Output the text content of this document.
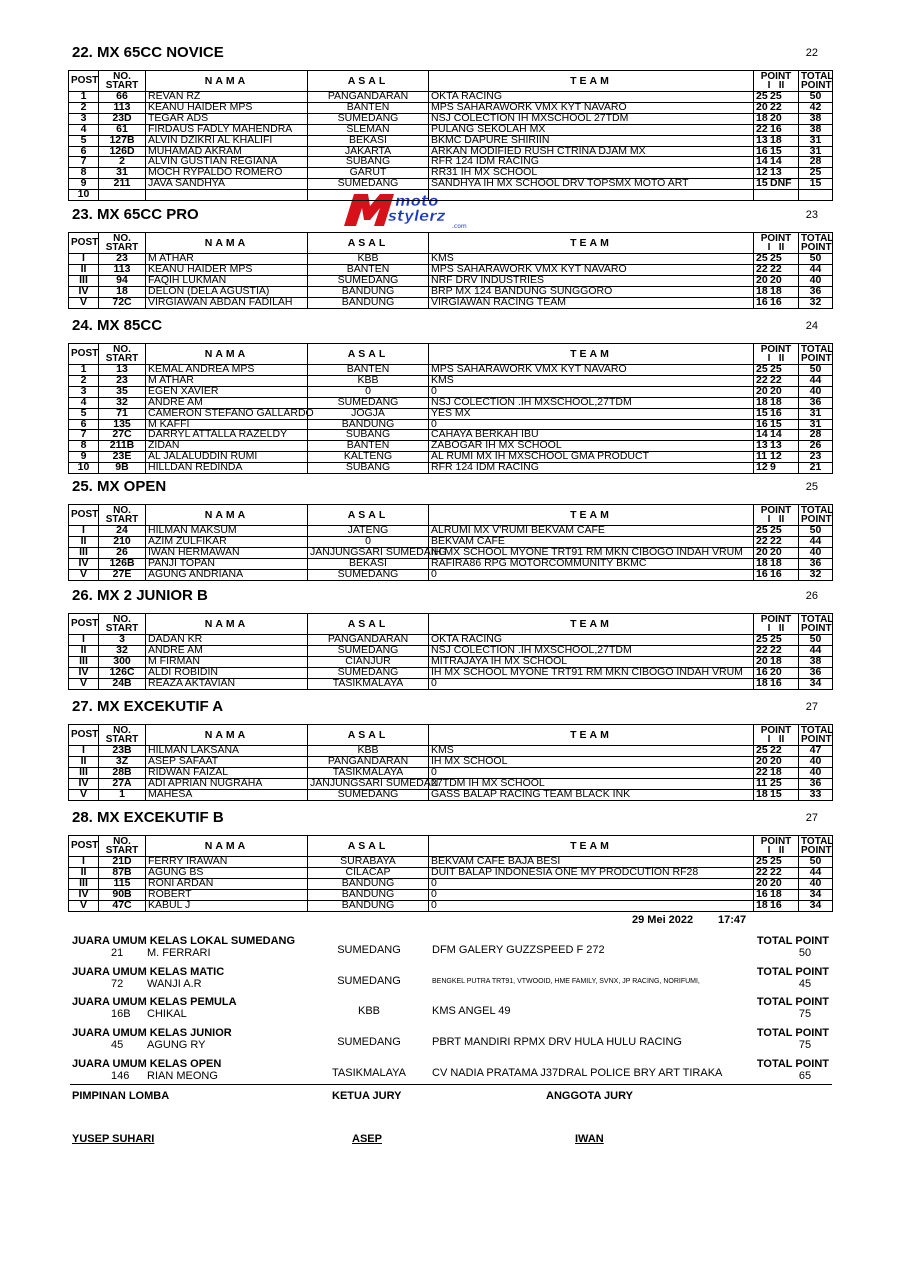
moto
stylerz
.com
22. MX 65CC NOVICE	22
POST	NO.
START	NAMA	ASAL	TEAM	POINT
I   II	TOTAL
POINT

1	66	REVAN RZ	PANGANDARAN	OKTA RACING	25 25	50
2	113	KEANU HAIDER MPS	BANTEN	MPS SAHARAWORK VMX KYT NAVARO	20 22	42
3	23D	TEGAR ADS	SUMEDANG	NSJ COLECTION IH MXSCHOOL 27TDM	18 20	38
4	61	FIRDAUS FADLY MAHENDRA	SLEMAN	PULANG SEKOLAH MX	22 16	38
5	127B	ALVIN DZIKRI AL KHALIFI	BEKASI	BKMC DAPURE SHIRIIN	13 18	31
6	126D	MUHAMAD AKRAM	JAKARTA	ARKAN MODIFIED RUSH CTRINA DJAM MX	16 15	31
7	2	ALVIN GUSTIAN REGIANA	SUBANG	RFR 124 IDM RACING	14 14	28
8	31	MOCH RYPALDO ROMERO	GARUT	RR31 IH MX SCHOOL	12 13	25
9	211	JAVA SANDHYA	SUMEDANG	SANDHYA IH MX SCHOOL DRV TOPSMX MOTO ART	15 DNF	15
10						
23. MX 65CC PRO	23
POST	NO.
START	NAMA	ASAL	TEAM	POINT
I   II	TOTAL
POINT

I	23	M ATHAR	KBB	KMS	25 25	50
II	113	KEANU HAIDER MPS	BANTEN	MPS SAHARAWORK VMX KYT NAVARO	22 22	44
III	94	FAQIH LUKMAN	SUMEDANG	NRF DRV INDUSTRIES	20 20	40
IV	18	DELON (DELA AGUSTIA)	BANDUNG	BRP MX 124 BANDUNG SUNGGORO	18 18	36
V	72C	VIRGIAWAN ABDAN FADILAH	BANDUNG	VIRGIAWAN RACING TEAM	16 16	32
24. MX 85CC	24
POST	NO.
START	NAMA	ASAL	TEAM	POINT
I   II	TOTAL
POINT

1	13	KEMAL ANDREA MPS	BANTEN	MPS SAHARAWORK VMX KYT NAVARO	25 25	50
2	23	M ATHAR	KBB	KMS	22 22	44
3	35	EGEN XAVIER	0	0	20 20	40
4	32	ANDRE AM	SUMEDANG	NSJ COLECTION .IH MXSCHOOL,27TDM	18 18	36
5	71	CAMERON STEFANO GALLARDO	JOGJA	YES MX	15 16	31
6	135	M KAFFI	BANDUNG	0	16 15	31
7	27C	DARRYL ATTALLA RAZELDY	SUBANG	CAHAYA BERKAH IBU	14 14	28
8	211B	ZIDAN	BANTEN	ZABOGAR IH MX SCHOOL	13 13	26
9	23E	AL JALALUDDIN RUMI	KALTENG	AL RUMI MX IH MXSCHOOL GMA PRODUCT	11 12	23
10	9B	HILLDAN REDINDA	SUBANG	RFR 124 IDM RACING	12 9	21
25. MX OPEN	25
POST	NO.
START	NAMA	ASAL	TEAM	POINT
I   II	TOTAL
POINT

I	24	HILMAN MAKSUM	JATENG	ALRUMI MX V'RUMI BEKVAM CAFE	25 25	50
II	210	AZIM ZULFIKAR	0	BEKVAM CAFE	22 22	44
III	26	IWAN HERMAWAN	JANJUNGSARI SUMEDANG	IH MX SCHOOL MYONE TRT91 RM MKN CIBOGO INDAH VRUM	20 20	40
IV	126B	PANJI TOPAN	BEKASI	RAFIRA86 RPG MOTORCOMMUNITY BKMC	18 18	36
V	27E	AGUNG ANDRIANA	SUMEDANG	0	16 16	32
26. MX 2 JUNIOR B	26
POST	NO.
START	NAMA	ASAL	TEAM	POINT
I   II	TOTAL
POINT

I	3	DADAN KR	PANGANDARAN	OKTA RACING	25 25	50
II	32	ANDRE AM	SUMEDANG	NSJ COLECTION .IH MXSCHOOL,27TDM	22 22	44
III	300	M FIRMAN	CIANJUR	MITRAJAYA IH MX SCHOOL	20 18	38
IV	126C	ALDI ROBIDIN	SUMEDANG	IH MX SCHOOL MYONE TRT91 RM MKN CIBOGO INDAH VRUM	16 20	36
V	24B	REAZA AKTAVIAN	TASIKMALAYA	0	18 16	34
27. MX EXCEKUTIF A	27
POST	NO.
START	NAMA	ASAL	TEAM	POINT
I   II	TOTAL
POINT

I	23B	HILMAN LAKSANA	KBB	KMS	25 22	47
II	3Z	ASEP SAFAAT	PANGANDARAN	IH MX SCHOOL	20 20	40
III	28B	RIDWAN FAIZAL	TASIKMALAYA	0	22 18	40
IV	27A	ADI APRIAN NUGRAHA	JANJUNGSARI SUMEDAN	27TDM IH MX SCHOOL	11 25	36
V	1	MAHESA	SUMEDANG	GASS BALAP RACING TEAM BLACK INK	18 15	33
28. MX EXCEKUTIF B	27
POST	NO.
START	NAMA	ASAL	TEAM	POINT
I   II	TOTAL
POINT

I	21D	FERRY IRAWAN	SURABAYA	BEKVAM CAFE BAJA BESI	25 25	50
II	87B	AGUNG BS	CILACAP	DUIT BALAP INDONESIA ONE MY PRODCUTION RF28	22 22	44
III	115	RONI ARDAN	BANDUNG	0	20 20	40
IV	90B	ROBERT	BANDUNG	0	16 18	34
V	47C	KABUL J	BANDUNG	0	18 16	34
29 Mei 2022 17:47
JUARA UMUM KELAS LOKAL SUMEDANG
21 M. FERRARI	SUMEDANG	DFM GALERY GUZZSPEED F 272
TOTAL POINT
50
JUARA UMUM KELAS MATIC
72 WANJI A.R	SUMEDANG	BENGKEL PUTRA TRT91, VTWOOID, HME FAMILY, SVNX, JP RACING, NORIFUMI,
TOTAL POINT
45
JUARA UMUM KELAS PEMULA
16B CHIKAL	KBB	KMS ANGEL 49
TOTAL POINT
75
JUARA UMUM KELAS JUNIOR
45 AGUNG RY	SUMEDANG	PBRT MANDIRI RPMX DRV HULA HULU RACING
TOTAL POINT
75
JUARA UMUM KELAS OPEN
146 RIAN MEONG	TASIKMALAYA	CV NADIA PRATAMA J37DRAL POLICE BRY ART TIRAKA
TOTAL POINT
65
PIMPINAN LOMBA	KETUA JURY	ANGGOTA JURY
YUSEP SUHARI	ASEP	IWAN
